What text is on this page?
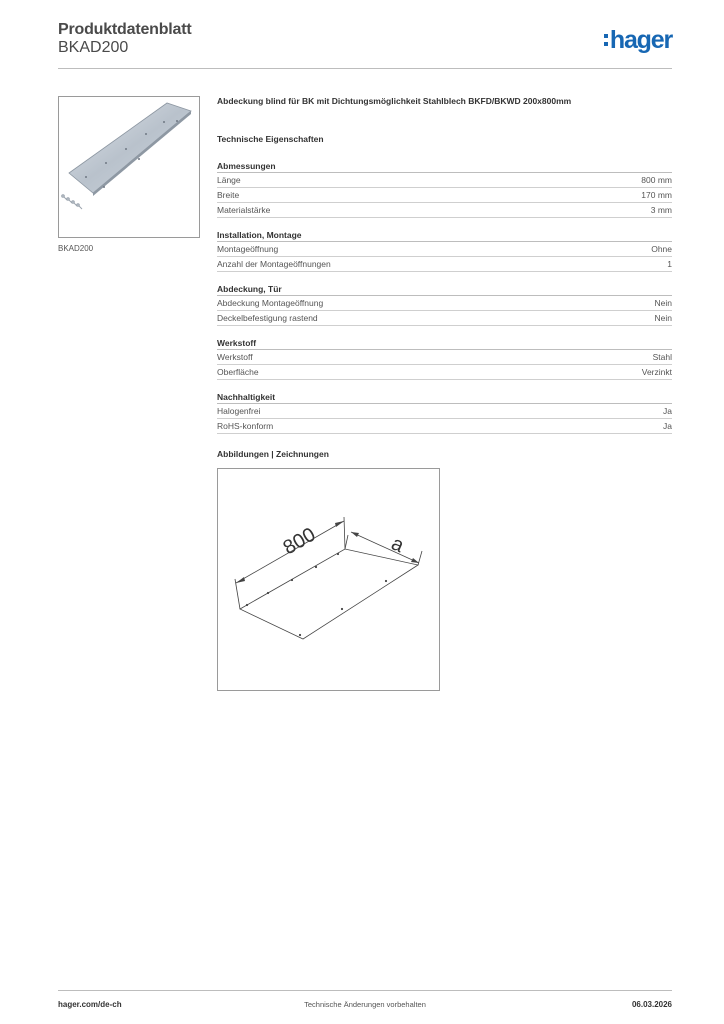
Produktdatenblatt
BKAD200	hager
BKAD200
Abdeckung blind für BK mit Dichtungsmöglichkeit Stahlblech BKFD/BKWD 200x800mm
Technische Eigenschaften
Abmessungen
Länge	800 mm
Breite	170 mm
Materialstärke	3 mm
Installation, Montage
Montageöffnung	Ohne
Anzahl der Montageöffnungen	1
Abdeckung, Tür
Abdeckung Montageöffnung	Nein
Deckelbefestigung rastend	Nein
Werkstoff
Werkstoff	Stahl
Oberfläche	Verzinkt
Nachhaltigkeit
Halogenfrei	Ja
RoHS-konform	Ja
Abbildungen | Zeichnungen
800	a
hager.com/de-ch	Technische Änderungen vorbehalten	06.03.2026
